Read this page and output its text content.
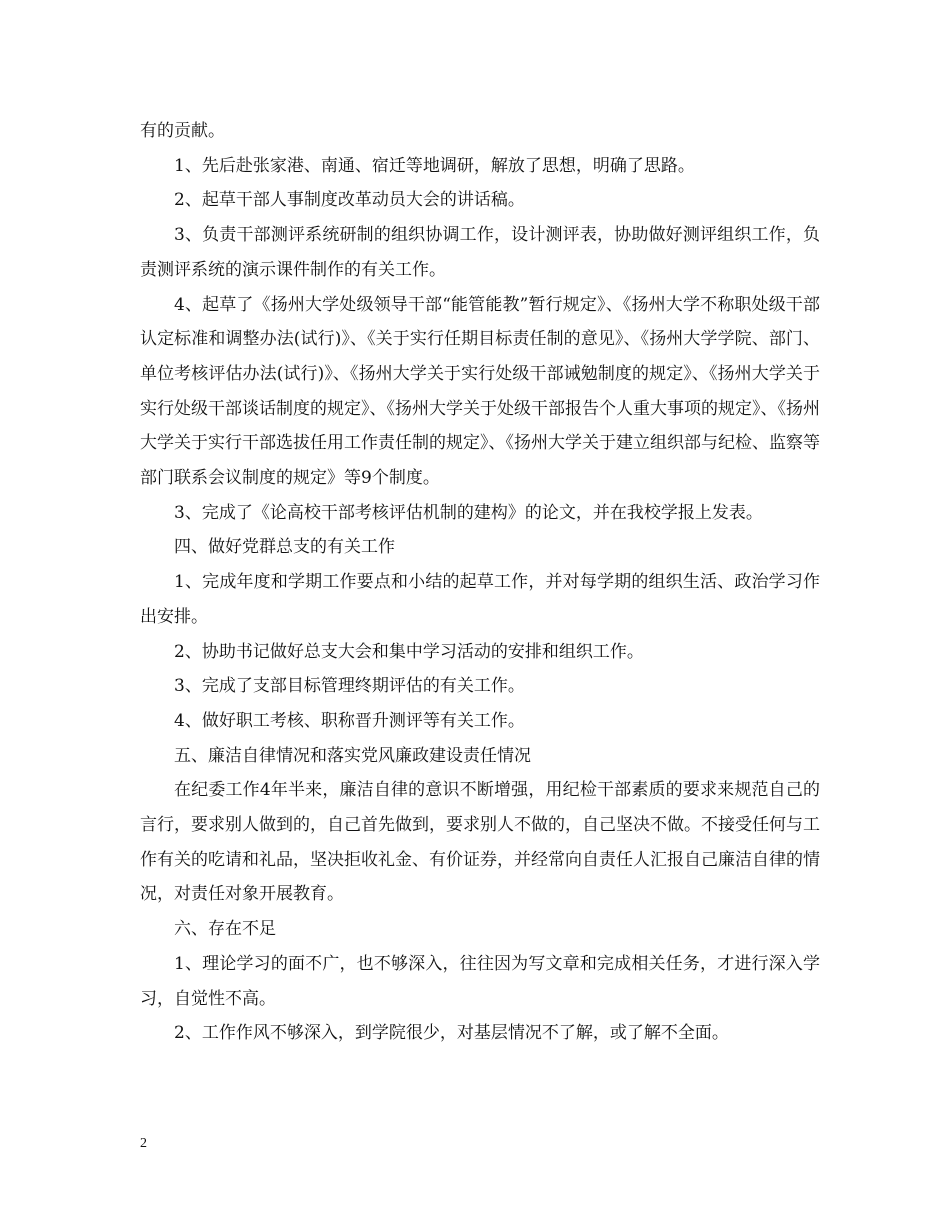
有的贡献。

1、先后赴张家港、南通、宿迁等地调研，解放了思想，明确了思路。

2、起草干部人事制度改革动员大会的讲话稿。

3、负责干部测评系统研制的组织协调工作，设计测评表，协助做好测评组织工作，负责测评系统的演示课件制作的有关工作。

4、起草了《扬州大学处级领导干部“能管能教”暂行规定》、《扬州大学不称职处级干部认定标准和调整办法(试行)》、《关于实行任期目标责任制的意见》、《扬州大学学院、部门、单位考核评估办法(试行)》、《扬州大学关于实行处级干部诫勉制度的规定》、《扬州大学关于实行处级干部谈话制度的规定》、《扬州大学关于处级干部报告个人重大事项的规定》、《扬州大学关于实行干部选拔任用工作责任制的规定》、《扬州大学关于建立组织部与纪检、监察等部门联系会议制度的规定》等9个制度。

3、完成了《论高校干部考核评估机制的建构》的论文，并在我校学报上发表。

四、做好党群总支的有关工作

1、完成年度和学期工作要点和小结的起草工作，并对每学期的组织生活、政治学习作出安排。

2、协助书记做好总支大会和集中学习活动的安排和组织工作。

3、完成了支部目标管理终期评估的有关工作。

4、做好职工考核、职称晋升测评等有关工作。

五、廉洁自律情况和落实党风廉政建设责任情况

在纪委工作4年半来，廉洁自律的意识不断增强，用纪检干部素质的要求来规范自己的言行，要求别人做到的，自己首先做到，要求别人不做的，自己坚决不做。不接受任何与工作有关的吃请和礼品，坚决拒收礼金、有价证券，并经常向自责任人汇报自己廉洁自律的情况，对责任对象开展教育。

六、存在不足

1、理论学习的面不广，也不够深入，往往因为写文章和完成相关任务，才进行深入学习，自觉性不高。

2、工作作风不够深入，到学院很少，对基层情况不了解，或了解不全面。

2
